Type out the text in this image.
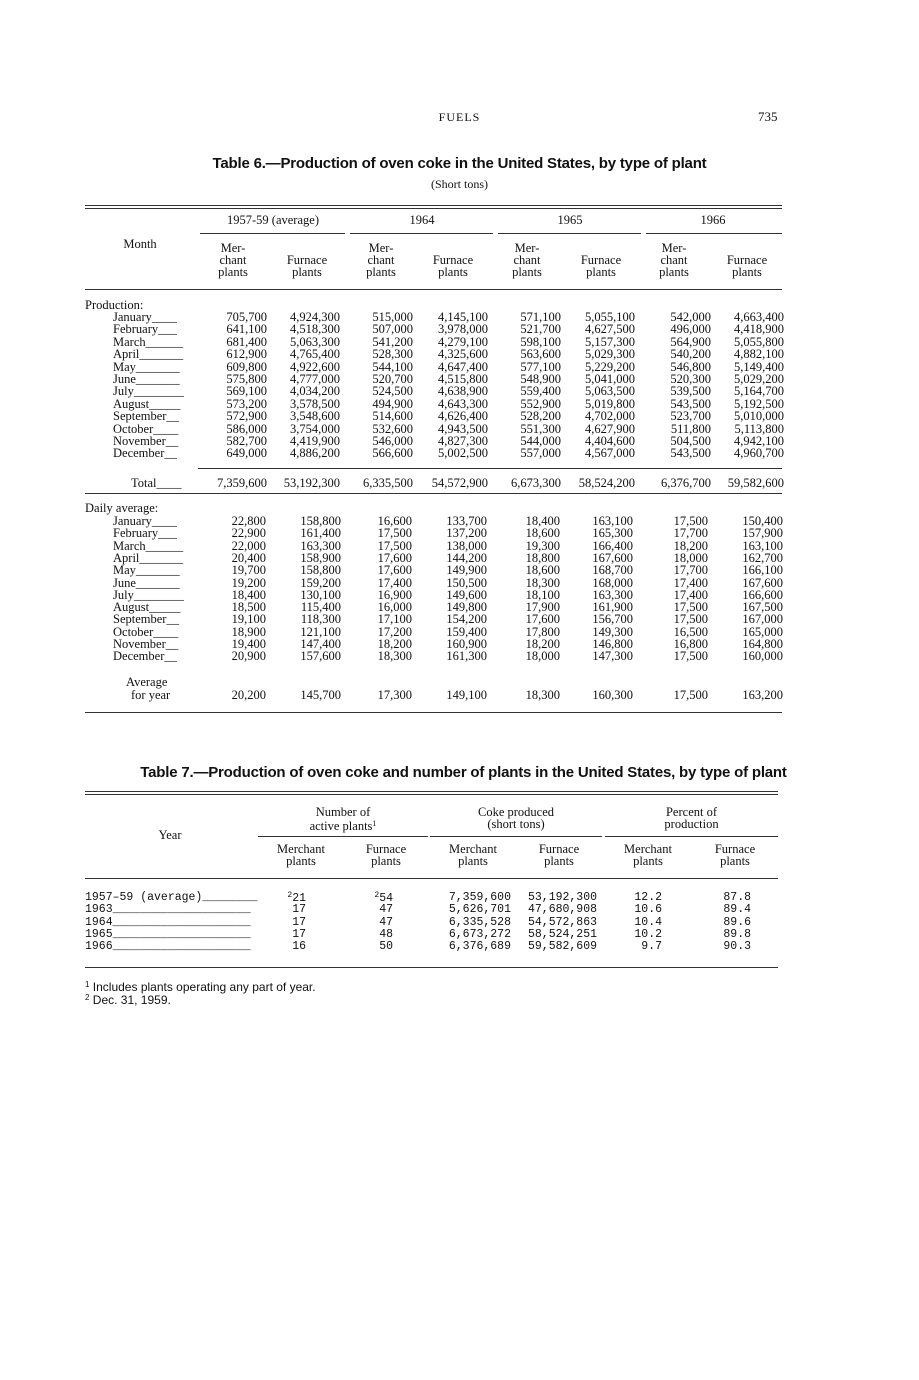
FUELS	735
Table 6.—Production of oven coke in the United States, by type of plant
(Short tons)
Month
1957-59 (average)	1964	1965	1966
Mer-
chant
plants
Furnace
plants
Mer-
chant
plants
Furnace
plants
Mer-
chant
plants
Furnace
plants
Mer-
chant
plants
Furnace
plants
Production:
January____	705,700 4,924,300	515,000 4,145,100	571,100 5,055,100	542,000 4,663,400
February___	641,100 4,518,300	507,000 3,978,000	521,700 4,627,500	496,000 4,418,900
March______	681,400 5,063,300	541,200 4,279,100	598,100 5,157,300	564,900 5,055,800
April_______	612,900 4,765,400	528,300 4,325,600	563,600 5,029,300	540,200 4,882,100
May_______	609,800 4,922,600	544,100 4,647,400	577,100 5,229,200	546,800 5,149,400
June_______	575,800 4,777,000	520,700 4,515,800	548,900 5,041,000	520,300 5,029,200
July________	569,100 4,034,200	524,500 4,638,900	559,400 5,063,500	539,500 5,164,700
August_____	573,200 3,578,500	494,900 4,643,300	552,900 5,019,800	543,500 5,192,500
September__	572,900 3,548,600	514,600 4,626,400	528,200 4,702,000	523,700 5,010,000
October____	586,000 3,754,000	532,600 4,943,500	551,300 4,627,900	511,800 5,113,800
November__	582,700 4,419,900	546,000 4,827,300	544,000 4,404,600	504,500 4,942,100
December__	649,000 4,886,200	566,600 5,002,500	557,000 4,567,000	543,500 4,960,700
Total____	7,359,600 53,192,300 6,335,500 54,572,900 6,673,300 58,524,200 6,376,700 59,582,600
Daily average:
January____	22,800	158,800	16,600	133,700	18,400	163,100	17,500	150,400
February___	22,900	161,400	17,500	137,200	18,600	165,300	17,700	157,900
March______	22,000	163,300	17,500	138,000	19,300	166,400	18,200	163,100
April_______	20,400	158,900	17,600	144,200	18,800	167,600	18,000	162,700
May_______	19,700	158,800	17,600	149,900	18,600	168,700	17,700	166,100
June_______	19,200	159,200	17,400	150,500	18,300	168,000	17,400	167,600
July________	18,400	130,100	16,900	149,600	18,100	163,300	17,400	166,600
August_____	18,500	115,400	16,000	149,800	17,900	161,900	17,500	167,500
September__	19,100	118,300	17,100	154,200	17,600	156,700	17,500	167,000
October____	18,900	121,100	17,200	159,400	17,800	149,300	16,500	165,000
November__	19,400	147,400	18,200	160,900	18,200	146,800	16,800	164,800
December__	20,900	157,600	18,300	161,300	18,000	147,300	17,500	160,000
Average
for year	20,200	145,700	17,300	149,100	18,300	160,300	17,500	163,200
Table 7.—Production of oven coke and number of plants in the United States, by type of plant
Year
Number of
active plants$^1$
Coke produced
(short tons)
Percent of
production
Merchant
plants
Furnace
plants
Merchant
plants
Furnace
plants
Merchant
plants
Furnace
plants
1957–59 (average)________	$^2$21	$^2$54	7,359,600 53,192,300	12.2	87.8
1963____________________	17	47	5,626,701 47,680,908	10.6	89.4
1964____________________	17	47	6,335,528 54,572,863	10.4	89.6
1965____________________	17	48	6,673,272 58,524,251	10.2	89.8
1966____________________	16	50	6,376,689 59,582,609	9.7	90.3
$^1$ Includes plants operating any part of year.
$^2$ Dec. 31, 1959.
